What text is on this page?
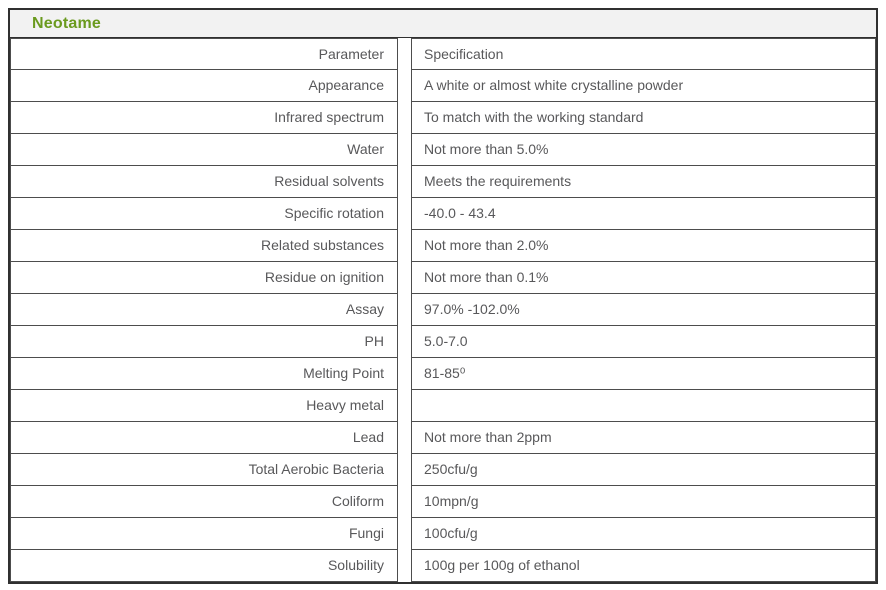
Neotame
Parameter	Specification
Appearance	A white or almost white crystalline powder
Infrared spectrum	To match with the working standard
Water	Not more than 5.0%
Residual solvents	Meets the requirements
Specific rotation	-40.0 - 43.4
Related substances	Not more than 2.0%
Residue on ignition	Not more than 0.1%
Assay	97.0% -102.0%
PH	5.0-7.0
Melting Point	81-85⁰
Heavy metal
Lead	Not more than 2ppm
Total Aerobic Bacteria	250cfu/g
Coliform	10mpn/g
Fungi	100cfu/g
Solubility	100g per 100g of ethanol
